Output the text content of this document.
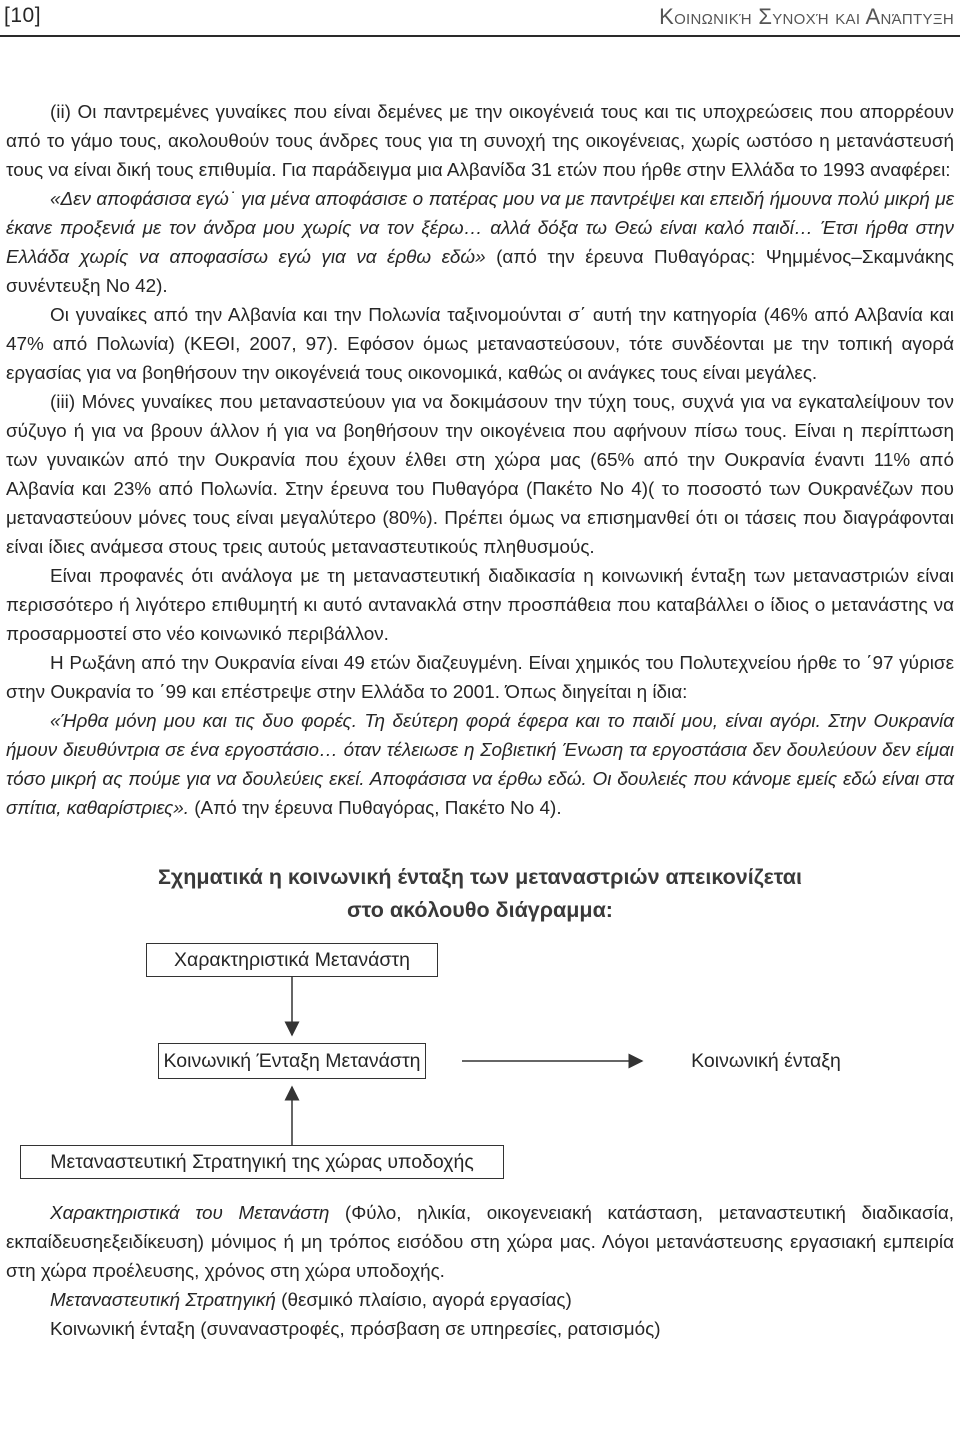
[10]	Κοινωνική Συνοχή και Ανάπτυξη

(ii) Οι παντρεμένες γυναίκες που είναι δεμένες με την οικογένειά τους και τις υποχρεώσεις που απορρέουν από το γάμο τους, ακολουθούν τους άνδρες τους για τη συνοχή της οικογένειας, χωρίς ωστόσο η μετανάστευσή τους να είναι δική τους επιθυμία. Για παράδειγμα μια Αλβανίδα 31 ετών που ήρθε στην Ελλάδα το 1993 αναφέρει:

«Δεν αποφάσισα εγώ˙ για μένα αποφάσισε ο πατέρας μου να με παντρέψει και επειδή ήμουνα πολύ μικρή με έκανε προξενιά με τον άνδρα μου χωρίς να τον ξέρω… αλλά δόξα τω Θεώ είναι καλό παιδί… Έτσι ήρθα στην Ελλάδα χωρίς να αποφασίσω εγώ για να έρθω εδώ» (από την έρευνα Πυθαγόρας: Ψημμένος–Σκαμνάκης συνέντευξη Νο 42).

Οι γυναίκες από την Αλβανία και την Πολωνία ταξινομούνται σ΄ αυτή την κατηγορία (46% από Αλβανία και 47% από Πολωνία) (ΚΕΘΙ, 2007, 97). Εφόσον όμως μεταναστεύσουν, τότε συνδέονται με την τοπική αγορά εργασίας για να βοηθήσουν την οικογένειά τους οικονομικά, καθώς οι ανάγκες τους είναι μεγάλες.

(iii) Μόνες γυναίκες που μεταναστεύουν για να δοκιμάσουν την τύχη τους, συχνά για να εγκαταλείψουν τον σύζυγο ή για να βρουν άλλον ή για να βοηθήσουν την οικογένεια που αφήνουν πίσω τους. Είναι η περίπτωση των γυναικών από την Ουκρανία που έχουν έλθει στη χώρα μας (65% από την Ουκρανία έναντι 11% από Αλβανία και 23% από Πολωνία. Στην έρευνα του Πυθαγόρα (Πακέτο Νο 4)( το ποσοστό των Ουκρανέζων που μεταναστεύουν μόνες τους είναι μεγαλύτερο (80%). Πρέπει όμως να επισημανθεί ότι οι τάσεις που διαγράφονται είναι ίδιες ανάμεσα στους τρεις αυτούς μεταναστευτικούς πληθυσμούς.

Είναι προφανές ότι ανάλογα με τη μεταναστευτική διαδικασία η κοινωνική ένταξη των μεταναστριών είναι περισσότερο ή λιγότερο επιθυμητή κι αυτό αντανακλά στην προσπάθεια που καταβάλλει ο ίδιος ο μετανάστης να προσαρμοστεί στο νέο κοινωνικό περιβάλλον.

Η Ρωξάνη από την Ουκρανία είναι 49 ετών διαζευγμένη. Είναι χημικός του Πολυτεχνείου ήρθε το ΄97 γύρισε στην Ουκρανία το ΄99 και επέστρεψε στην Ελλάδα το 2001. Όπως διηγείται η ίδια:

«Ήρθα μόνη μου και τις δυο φορές. Τη δεύτερη φορά έφερα και το παιδί μου, είναι αγόρι. Στην Ουκρανία ήμουν διευθύντρια σε ένα εργοστάσιο… όταν τέλειωσε η Σοβιετική Ένωση τα εργοστάσια δεν δουλεύουν δεν είμαι τόσο μικρή ας πούμε για να δουλεύεις εκεί. Αποφάσισα να έρθω εδώ. Οι δουλειές που κάνομε εμείς εδώ είναι στα σπίτια, καθαρίστριες». (Από την έρευνα Πυθαγόρας, Πακέτο Νο 4).

Σχηματικά η κοινωνική ένταξη των μεταναστριών απεικονίζεται
στο ακόλουθο διάγραμμα:
Χαρακτηριστικά Μετανάστη
Κοινωνική Ένταξη Μετανάστη	Κοινωνική ένταξη
Μεταναστευτική Στρατηγική της χώρας υποδοχής

Χαρακτηριστικά του Μετανάστη (Φύλο, ηλικία, οικογενειακή κατάσταση, μεταναστευτική διαδικασία, εκπαίδευσηεξειδίκευση) μόνιμος ή μη τρόπος εισόδου στη χώρα μας. Λόγοι μετανάστευσης εργασιακή εμπειρία στη χώρα προέλευσης, χρόνος στη χώρα υποδοχής.

Μεταναστευτική Στρατηγική (θεσμικό πλαίσιο, αγορά εργασίας)

Κοινωνική ένταξη (συναναστροφές, πρόσβαση σε υπηρεσίες, ρατσισμός)
